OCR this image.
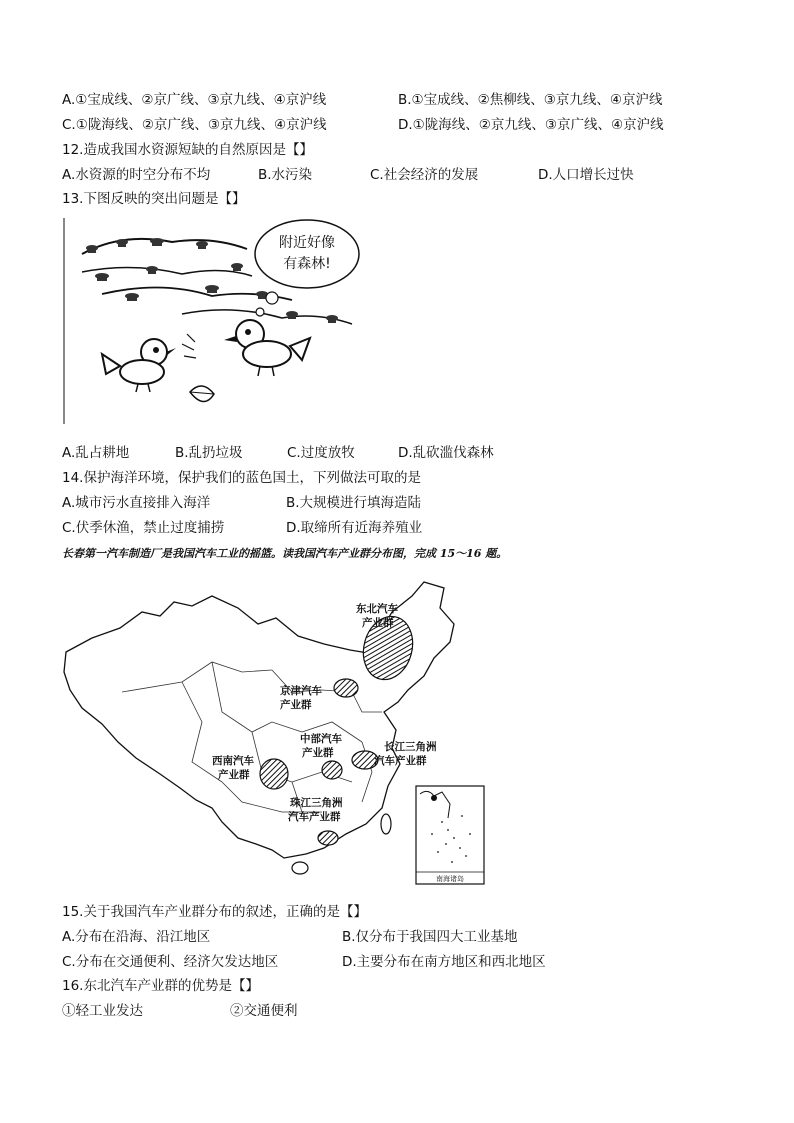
A.①宝成线、②京广线、③京九线、④京沪线	B.①宝成线、②焦柳线、③京九线、④京沪线
C.①陇海线、②京广线、③京九线、④京沪线	D.①陇海线、②京九线、③京广线、④京沪线
12.造成我国水资源短缺的自然原因是【】
A.水资源的时空分布不均	B.水污染	C.社会经济的发展	D.人口增长过快
13.下图反映的突出问题是【】
附近好像
有森林!
A.乱占耕地	B.乱扔垃圾	C.过度放牧	D.乱砍滥伐森林
14.保护海洋环境，保护我们的蓝色国土，下列做法可取的是
A.城市污水直接排入海洋	B.大规模进行填海造陆
C.伏季休渔，禁止过度捕捞	D.取缔所有近海养殖业
长春第一汽车制造厂是我国汽车工业的摇篮。读我国汽车产业群分布图，完成 15～16 题。
东北汽车
产业群
京津汽车
产业群
中部汽车
产业群	长江三角洲
汽车产业群
西南汽车
产业群
珠江三角洲
汽车产业群
南海诸岛
15.关于我国汽车产业群分布的叙述，正确的是【】
A.分布在沿海、沿江地区	B.仅分布于我国四大工业基地
C.分布在交通便利、经济欠发达地区	D.主要分布在南方地区和西北地区
16.东北汽车产业群的优势是【】
①轻工业发达	②交通便利
